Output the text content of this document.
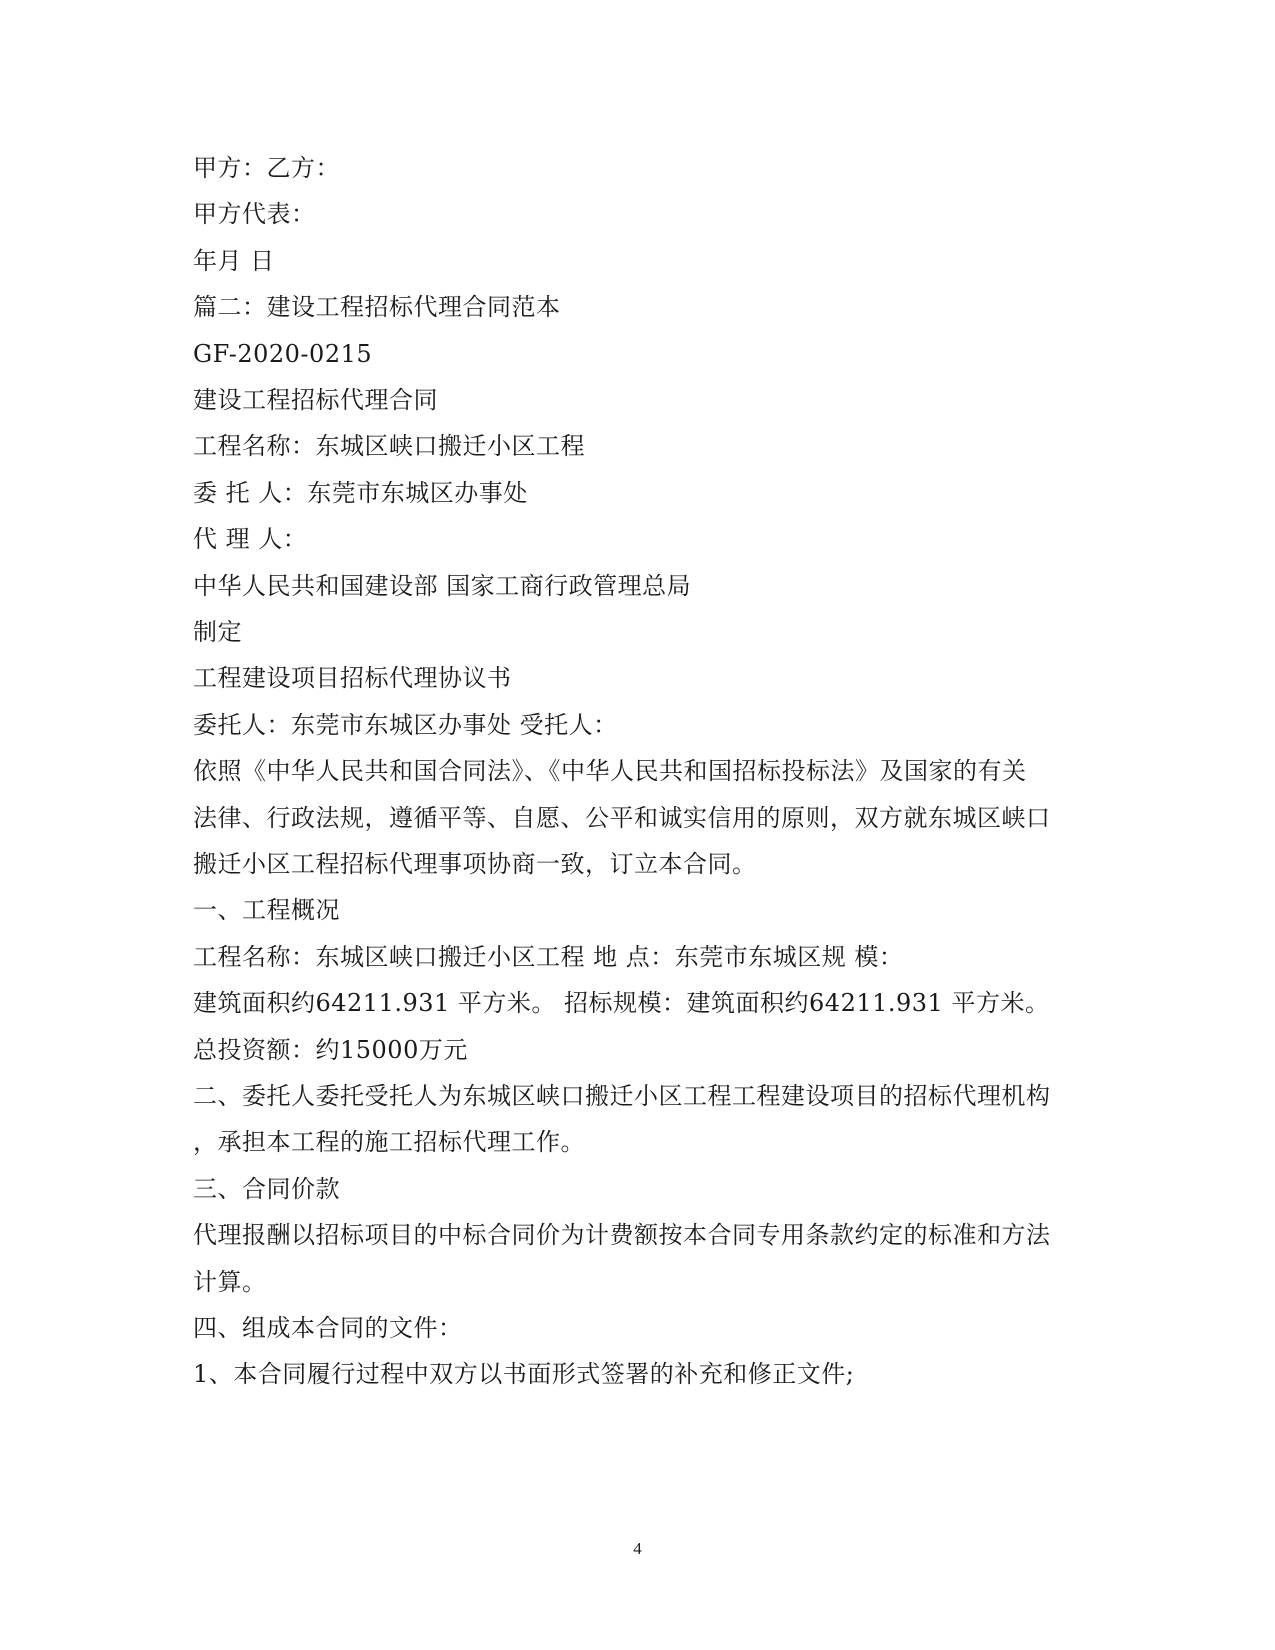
甲方：乙方：
甲方代表：
年月 日
篇二：建设工程招标代理合同范本
GF-2020-0215
建设工程招标代理合同
工程名称：东城区峡口搬迁小区工程
委 托 人：东莞市东城区办事处
代 理 人：
中华人民共和国建设部 国家工商行政管理总局
制定
工程建设项目招标代理协议书
委托人：东莞市东城区办事处 受托人：
依照《中华人民共和国合同法》、《中华人民共和国招标投标法》及国家的有关
法律、行政法规，遵循平等、自愿、公平和诚实信用的原则，双方就东城区峡口
搬迁小区工程招标代理事项协商一致，订立本合同。
一、工程概况
工程名称：东城区峡口搬迁小区工程 地 点：东莞市东城区规 模：
建筑面积约64211.931 平方米。 招标规模：建筑面积约64211.931 平方米。
总投资额：约15000万元
二、委托人委托受托人为东城区峡口搬迁小区工程工程建设项目的招标代理机构
，承担本工程的施工招标代理工作。
三、合同价款
代理报酬以招标项目的中标合同价为计费额按本合同专用条款约定的标准和方法
计算。
四、组成本合同的文件：
1、本合同履行过程中双方以书面形式签署的补充和修正文件;
4
